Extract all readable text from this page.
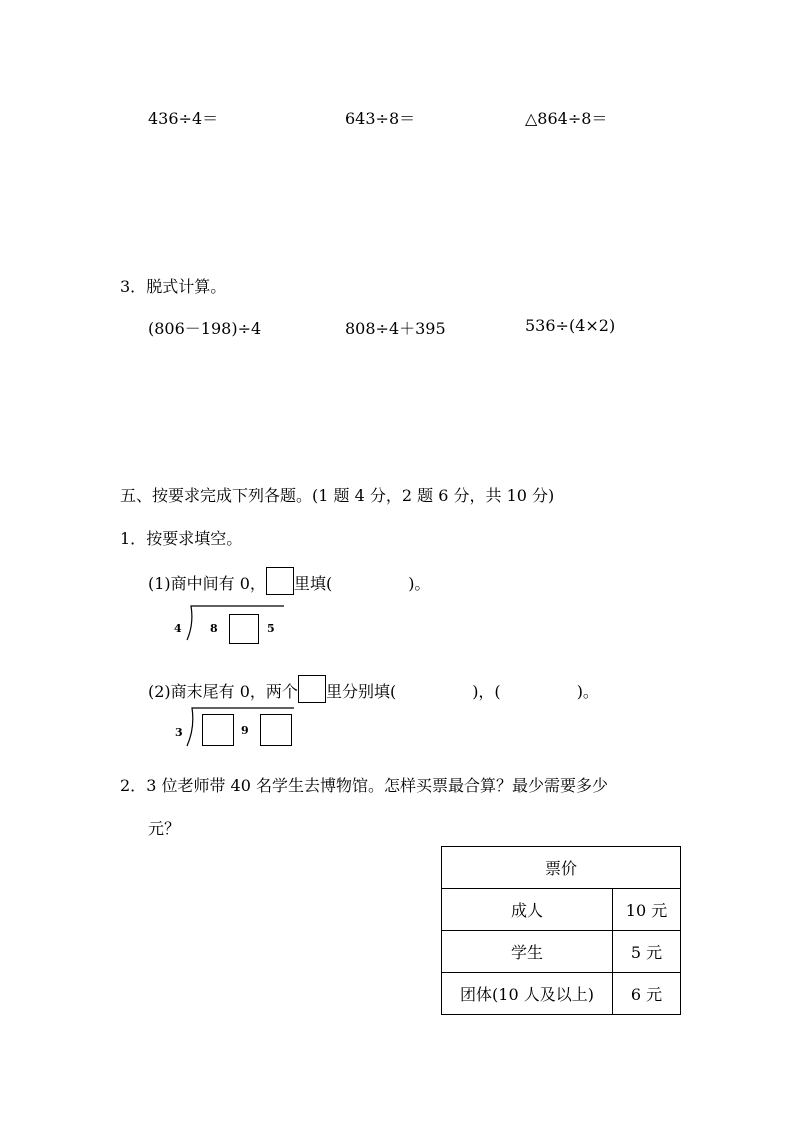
436÷4＝	643÷8＝	△864÷8＝
3．脱式计算。
(806－198)÷4	808÷4＋395	536÷(4×2)
五、按要求完成下列各题。(1 题 4 分，2 题 6 分，共 10 分)
1．按要求填空。
(1)商中间有 0， 里填(	)。
4	8	5
(2)商末尾有 0，两个 里分别填(	)，(	)。
3	9
2．3 位老师带 40 名学生去博物馆。怎样买票最合算？最少需要多少
元？
票价	
成人	10 元
学生	5 元
团体(10 人及以上)	6 元
